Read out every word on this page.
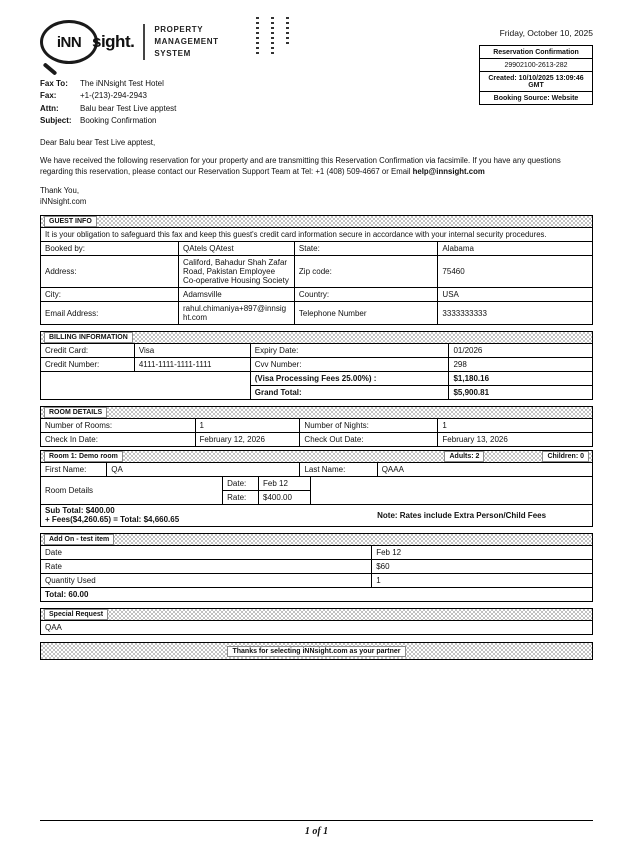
iNN sight.
PROPERTY
MANAGEMENT
SYSTEM
Friday, October 10, 2025
Reservation Confirmation
29902100-2613-282
Created: 10/10/2025 13:09:46 GMT
Booking Source: Website
Fax To: The iNNsight Test Hotel
Fax:	+1-(213)-294-2943
Attn:	Balu bear Test Live apptest
Subject: Booking Confirmation

Dear Balu bear Test Live apptest,

We have received the following reservation for your property and are transmitting this Reservation Confirmation via facsimile. If you have any questions regarding this reservation, please contact our Reservation Support Team at Tel: +1 (408) 509-4667 or Email help@innsight.com

Thank You,
iNNsight.com

GUEST INFO
It is your obligation to safeguard this fax and keep this guest's credit card information secure in accordance with your internal security procedures.			
Booked by:	QAtels QAtest	State:	Alabama
Address:	Califord, Bahadur Shah Zafar Road, Pakistan Employee Co-operative Housing Society	Zip code:	75460
City:	Adamsville	Country:	USA
Email Address:	rahul.chimaniya+897@innsight.com	Telephone Number	3333333333
BILLING INFORMATION
Credit Card:	Visa	Expiry Date:	01/2026
Credit Number:	4111-1111-1111-1111	Cvv Number:	298
		(Visa Processing Fees 25.00%) :	$1,180.16
		Grand Total:	$5,900.81
ROOM DETAILS
Number of Rooms:	1	Number of Nights:	1
Check In Date:	February 12, 2026	Check Out Date:	February 13, 2026
Room 1: Demo room	Adults: 2	Children: 0
First Name:	QA	Last Name:	QAAA
Room Details	Date:	Feb 12	
	Rate:	$400.00	
Sub Total: $400.00
+ Fees($4,260.65) = Total: $4,660.65	Note: Rates include Extra Person/Child Fees
Add On - test item
Date	Feb 12
Rate	$60
Quantity Used	1
Total: 60.00	
Special Request
QAA
Thanks for selecting iNNsight.com as your partner
1 of 1
